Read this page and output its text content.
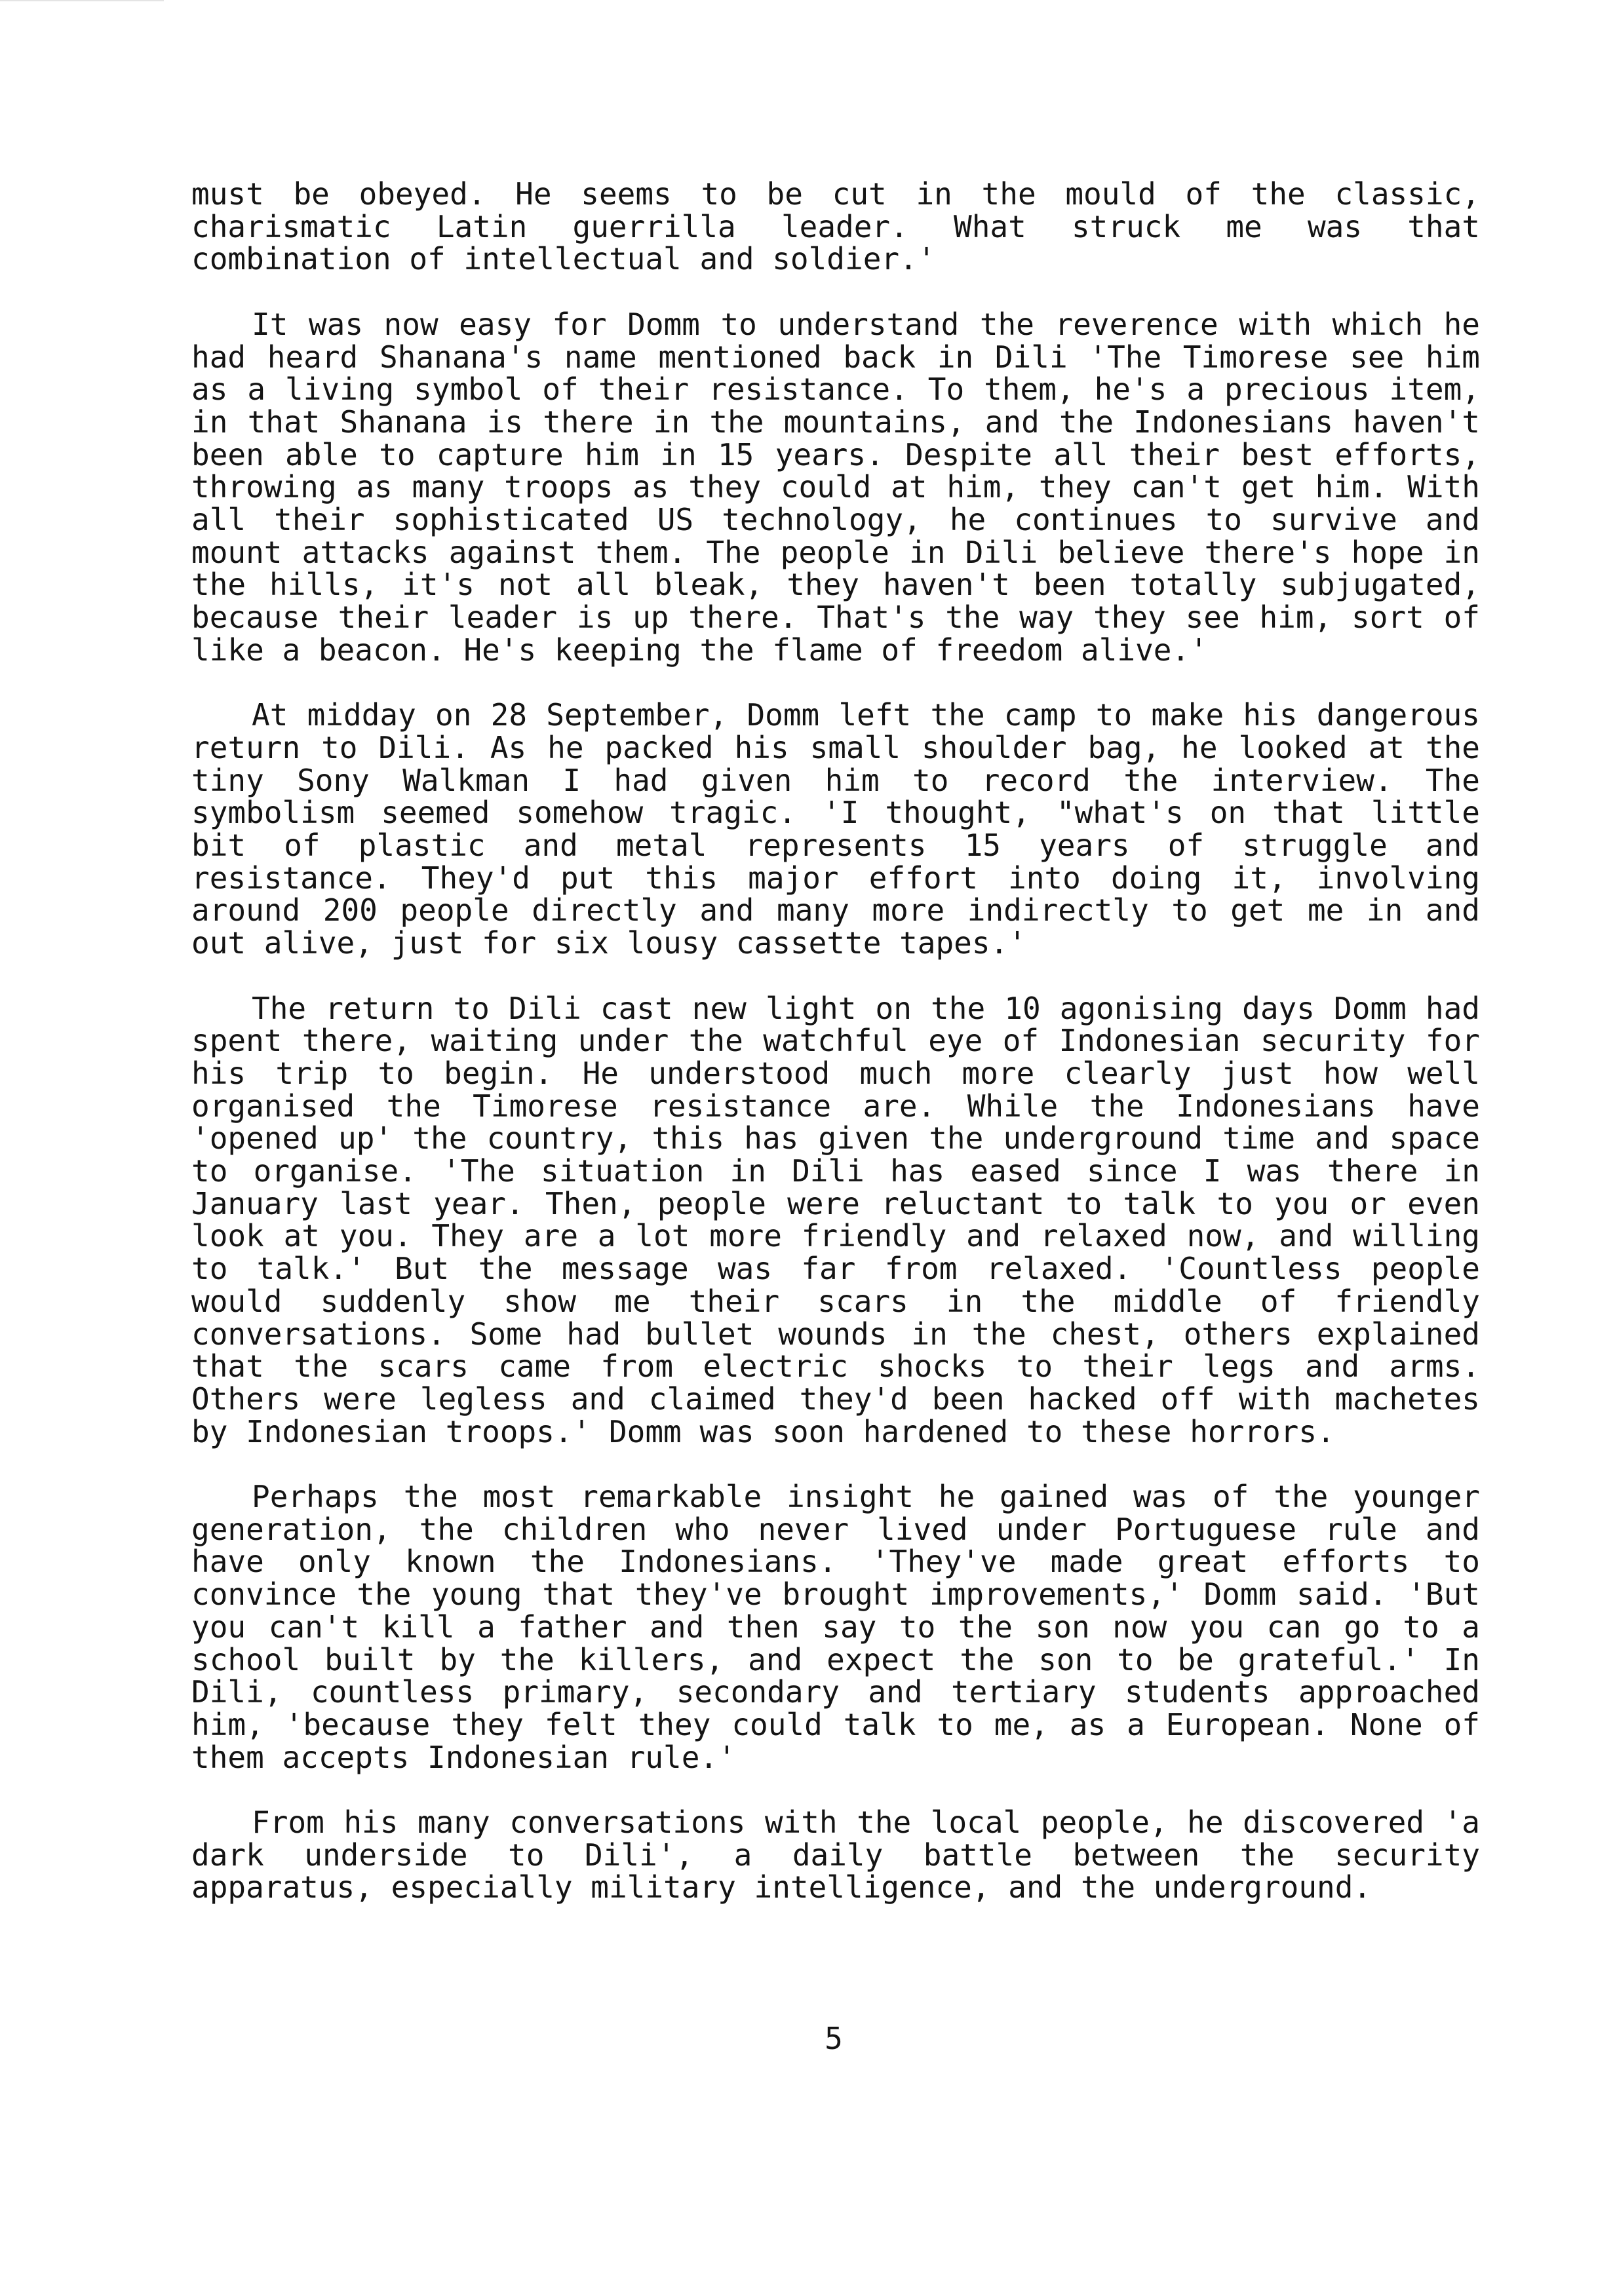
must be obeyed. He seems to be cut in the mould of the classic, charismatic Latin guerrilla leader. What struck me was that combination of intellectual and soldier.'

It was now easy for Domm to understand the reverence with which he had heard Shanana's name mentioned back in Dili 'The Timorese see him as a living symbol of their resistance. To them, he's a precious item, in that Shanana is there in the mountains, and the Indonesians haven't been able to capture him in 15 years. Despite all their best efforts, throwing as many troops as they could at him, they can't get him. With all their sophisticated US technology, he continues to survive and mount attacks against them. The people in Dili believe there's hope in the hills, it's not all bleak, they haven't been totally subjugated, because their leader is up there. That's the way they see him, sort of like a beacon. He's keeping the flame of freedom alive.'

At midday on 28 September, Domm left the camp to make his dangerous return to Dili. As he packed his small shoulder bag, he looked at the tiny Sony Walkman I had given him to record the interview. The symbolism seemed somehow tragic. 'I thought, "what's on that little bit of plastic and metal represents 15 years of struggle and resistance. They'd put this major effort into doing it, involving around 200 people directly and many more indirectly to get me in and out alive, just for six lousy cassette tapes.'

The return to Dili cast new light on the 10 agonising days Domm had spent there, waiting under the watchful eye of Indonesian security for his trip to begin. He understood much more clearly just how well organised the Timorese resistance are. While the Indonesians have 'opened up' the country, this has given the underground time and space to organise. 'The situation in Dili has eased since I was there in January last year. Then, people were reluctant to talk to you or even look at you. They are a lot more friendly and relaxed now, and willing to talk.' But the message was far from relaxed. 'Countless people would suddenly show me their scars in the middle of friendly conversations. Some had bullet wounds in the chest, others explained that the scars came from electric shocks to their legs and arms. Others were legless and claimed they'd been hacked off with machetes by Indonesian troops.' Domm was soon hardened to these horrors.

Perhaps the most remarkable insight he gained was of the younger generation, the children who never lived under Portuguese rule and have only known the Indonesians. 'They've made great efforts to convince the young that they've brought improvements,' Domm said. 'But you can't kill a father and then say to the son now you can go to a school built by the killers, and expect the son to be grateful.' In Dili, countless primary, secondary and tertiary students approached him, 'because they felt they could talk to me, as a European. None of them accepts Indonesian rule.'

From his many conversations with the local people, he discovered 'a dark underside to Dili', a daily battle between the security apparatus, especially military intelligence, and the underground.

5
